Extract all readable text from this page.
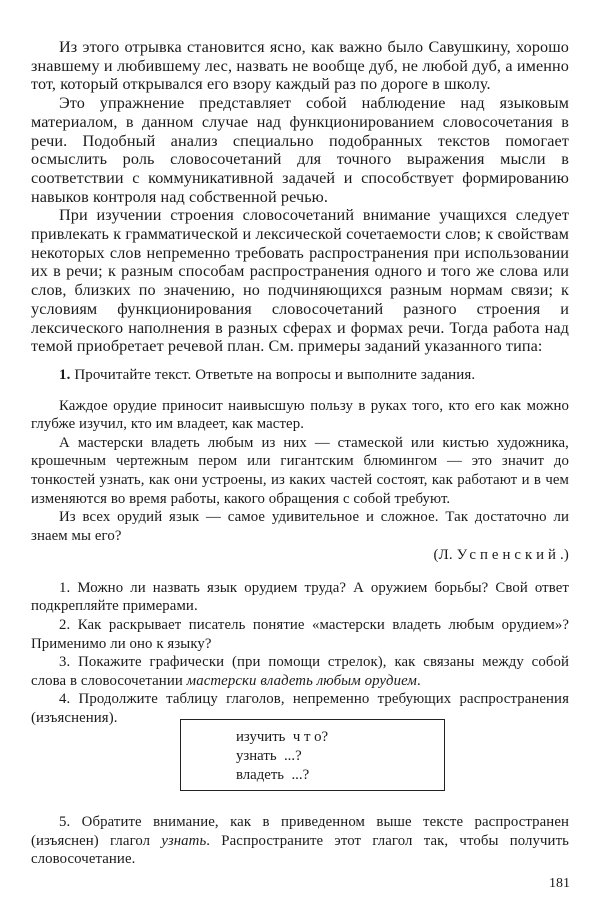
Из этого отрывка становится ясно, как важно было Савушкину, хорошо знавшему и любившему лес, назвать не вообще дуб, не любой дуб, а именно тот, который открывался его взору каждый раз по дороге в школу.

Это упражнение представляет собой наблюдение над языковым материалом, в данном случае над функционированием словосочетания в речи. Подобный анализ специально подобранных текстов помогает осмыслить роль словосочетаний для точного выражения мысли в соответствии с коммуникативной задачей и способствует формированию навыков контроля над собственной речью.

При изучении строения словосочетаний внимание учащихся следует привлекать к грамматической и лексической сочетаемости слов; к свойствам некоторых слов непременно требовать распространения при использовании их в речи; к разным способам распространения одного и того же слова или слов, близких по значению, но подчиняющихся разным нормам связи; к условиям функционирования словосочетаний разного строения и лексического наполнения в разных сферах и формах речи. Тогда работа над темой приобретает речевой план. См. примеры заданий указанного типа:

1. Прочитайте текст. Ответьте на вопросы и выполните задания.

Каждое орудие приносит наивысшую пользу в руках того, кто его как можно глубже изучил, кто им владеет, как мастер.

А мастерски владеть любым из них — стамеской или кистью художника, крошечным чертежным пером или гигантским блюмингом — это значит до тонкостей узнать, как они устроены, из каких частей состоят, как работают и в чем изменяются во время работы, какого обращения с собой требуют.

Из всех орудий язык — самое удивительное и сложное. Так достаточно ли знаем мы его?

(Л. Успенский.)

1. Можно ли назвать язык орудием труда? А оружием борьбы? Свой ответ подкрепляйте примерами.

2. Как раскрывает писатель понятие «мастерски владеть любым орудием»? Применимо ли оно к языку?

3. Покажите графически (при помощи стрелок), как связаны между собой слова в словосочетании мастерски владеть любым орудием.

4. Продолжите таблицу глаголов, непременно требующих распространения (изъяснения).

изучить ч т о?
узнать ...?
владеть ...?

5. Обратите внимание, как в приведенном выше тексте распространен (изъяснен) глагол узнать. Распространите этот глагол так, чтобы получить словосочетание.

181
